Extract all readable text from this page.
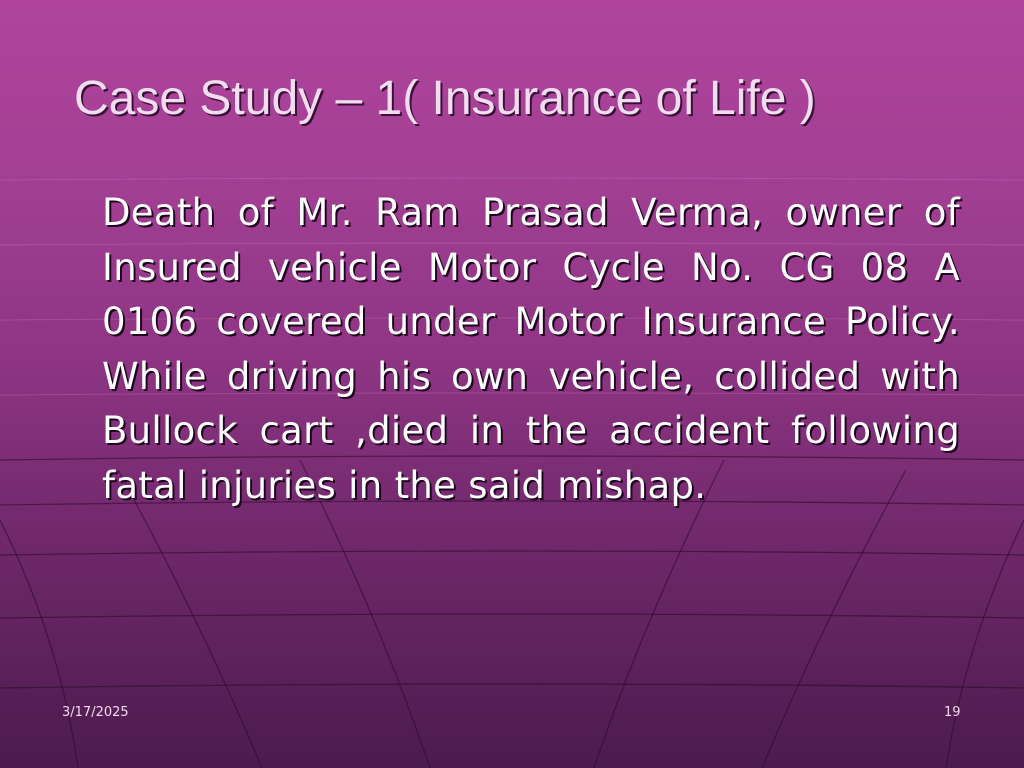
Case Study – 1( Insurance of Life )

Death of Mr. Ram Prasad Verma, owner of Insured vehicle Motor Cycle No. CG 08 A 0106 covered under Motor Insurance Policy. While driving his own vehicle, collided with Bullock cart ,died in the accident following fatal injuries in the said mishap.

3/17/2025	19
